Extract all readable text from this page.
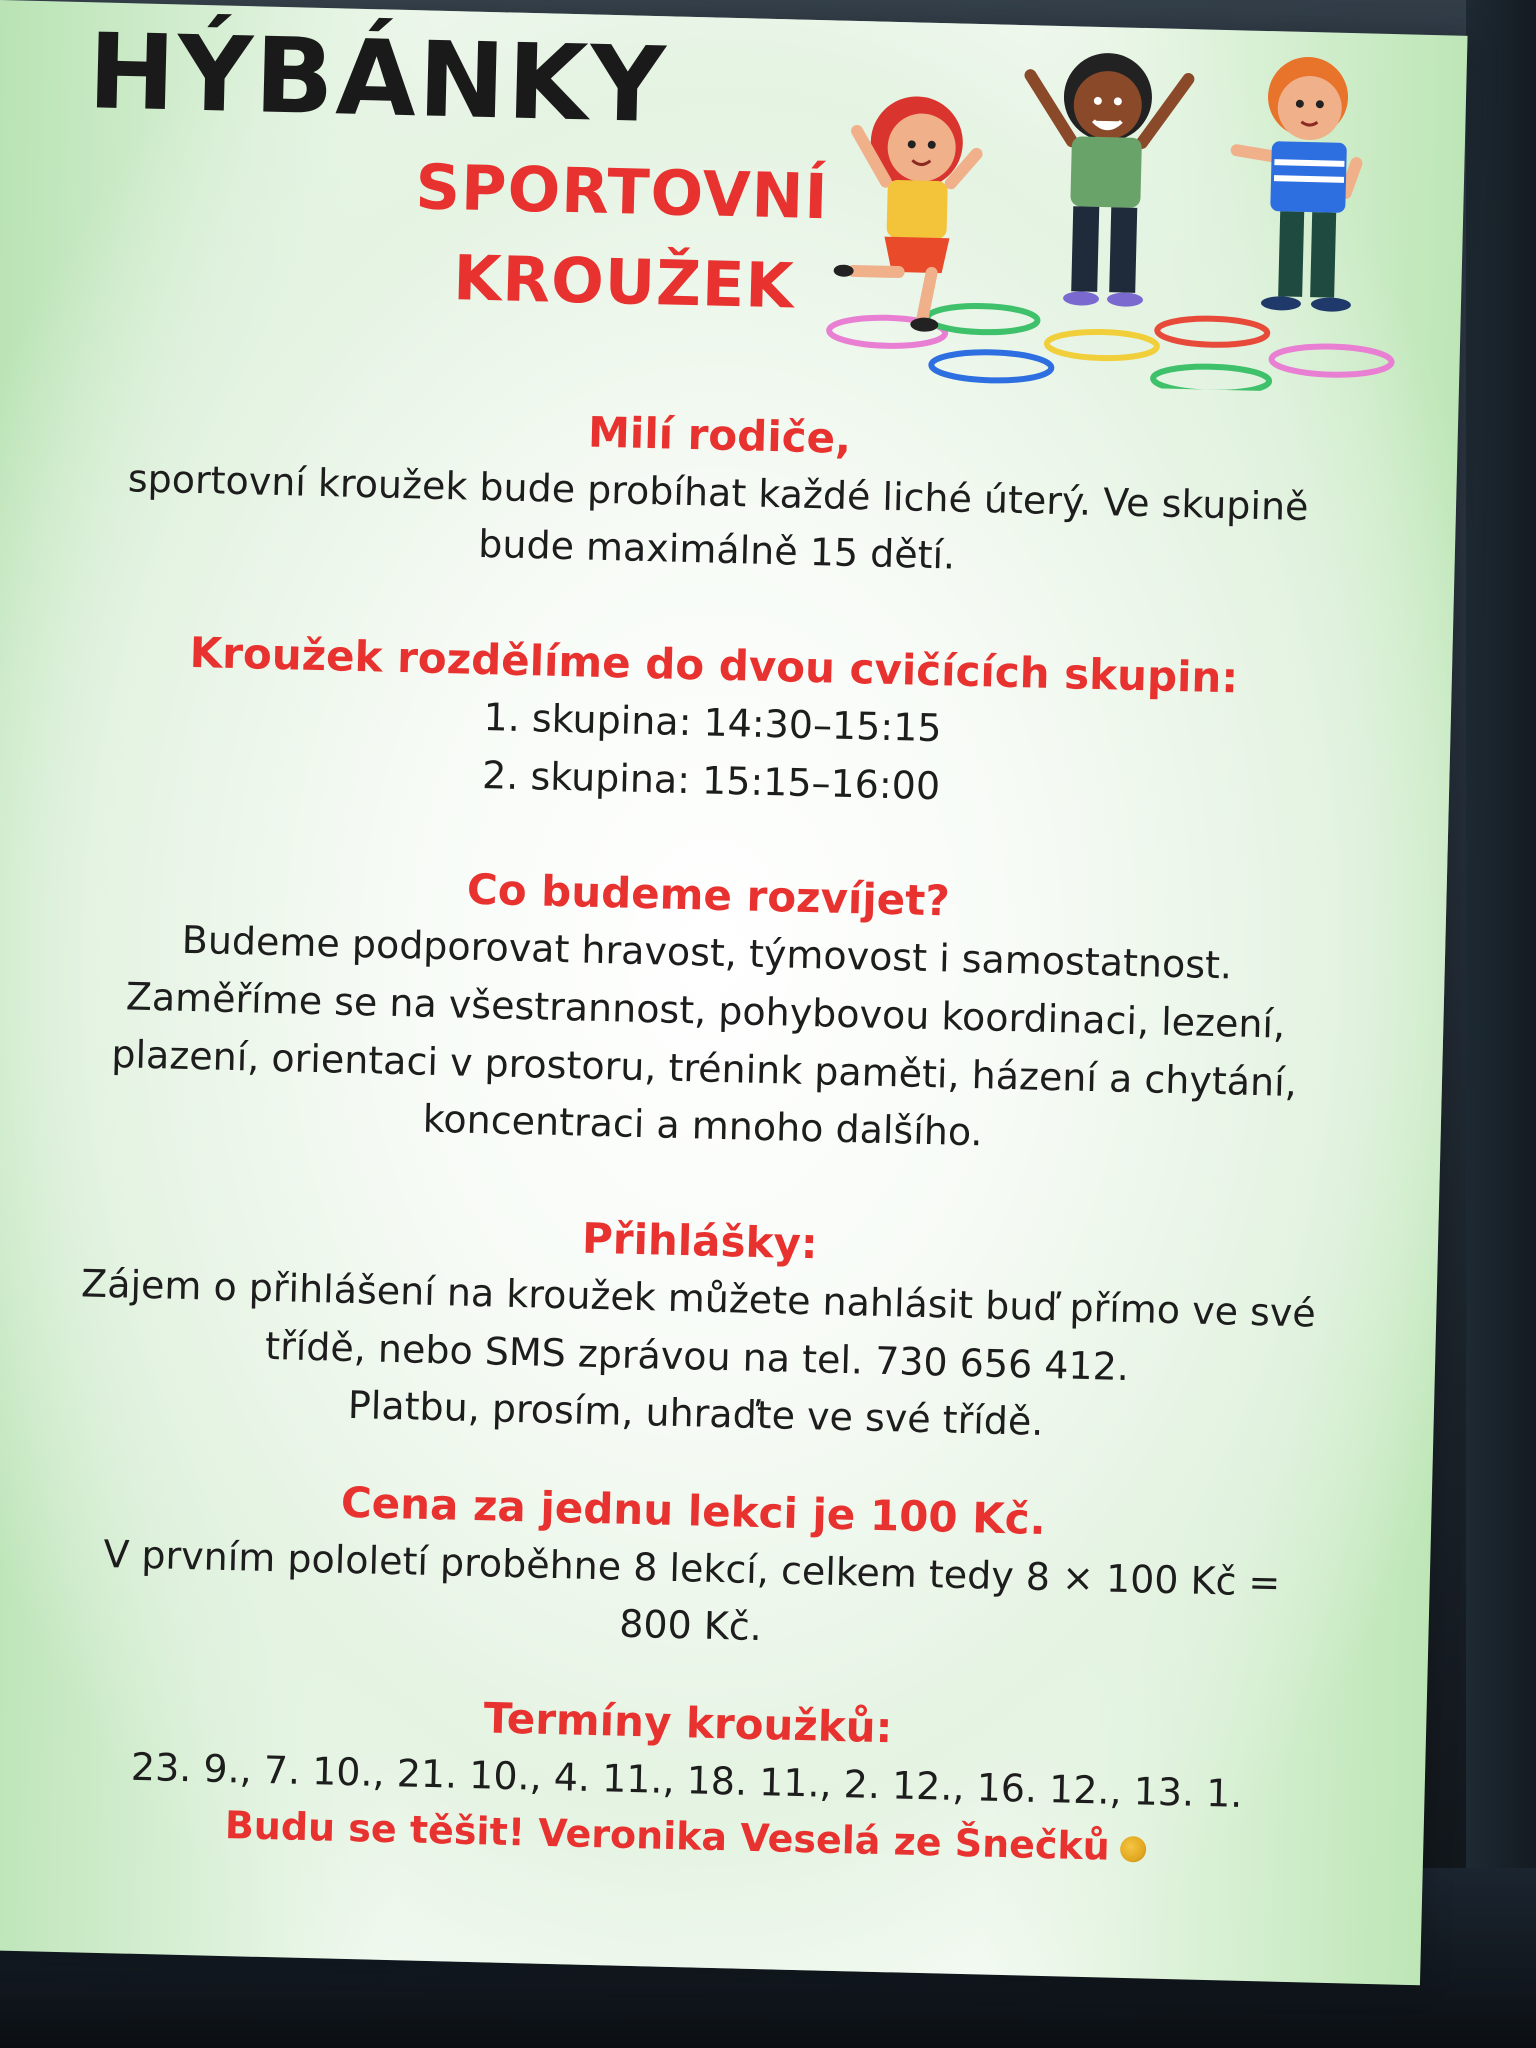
HÝBÁNKY
SPORTOVNÍ
KROUŽEK

Milí rodiče,

sportovní kroužek bude probíhat každé liché úterý. Ve skupině

bude maximálně 15 dětí.

Kroužek rozdělíme do dvou cvičících skupin:

1. skupina: 14:30–15:15

2. skupina: 15:15–16:00

Co budeme rozvíjet?

Budeme podporovat hravost, týmovost i samostatnost.

Zaměříme se na všestrannost, pohybovou koordinaci, lezení,

plazení, orientaci v prostoru, trénink paměti, házení a chytání,

koncentraci a mnoho dalšího.

Přihlášky:

Zájem o přihlášení na kroužek můžete nahlásit buď přímo ve své

třídě, nebo SMS zprávou na tel. 730 656 412.

Platbu, prosím, uhraďte ve své třídě.

Cena za jednu lekci je 100 Kč.

V prvním pololetí proběhne 8 lekcí, celkem tedy 8 × 100 Kč =

800 Kč.

Termíny kroužků:

23. 9., 7. 10., 21. 10., 4. 11., 18. 11., 2. 12., 16. 12., 13. 1.

Budu se těšit! Veronika Veselá ze Šnečků
